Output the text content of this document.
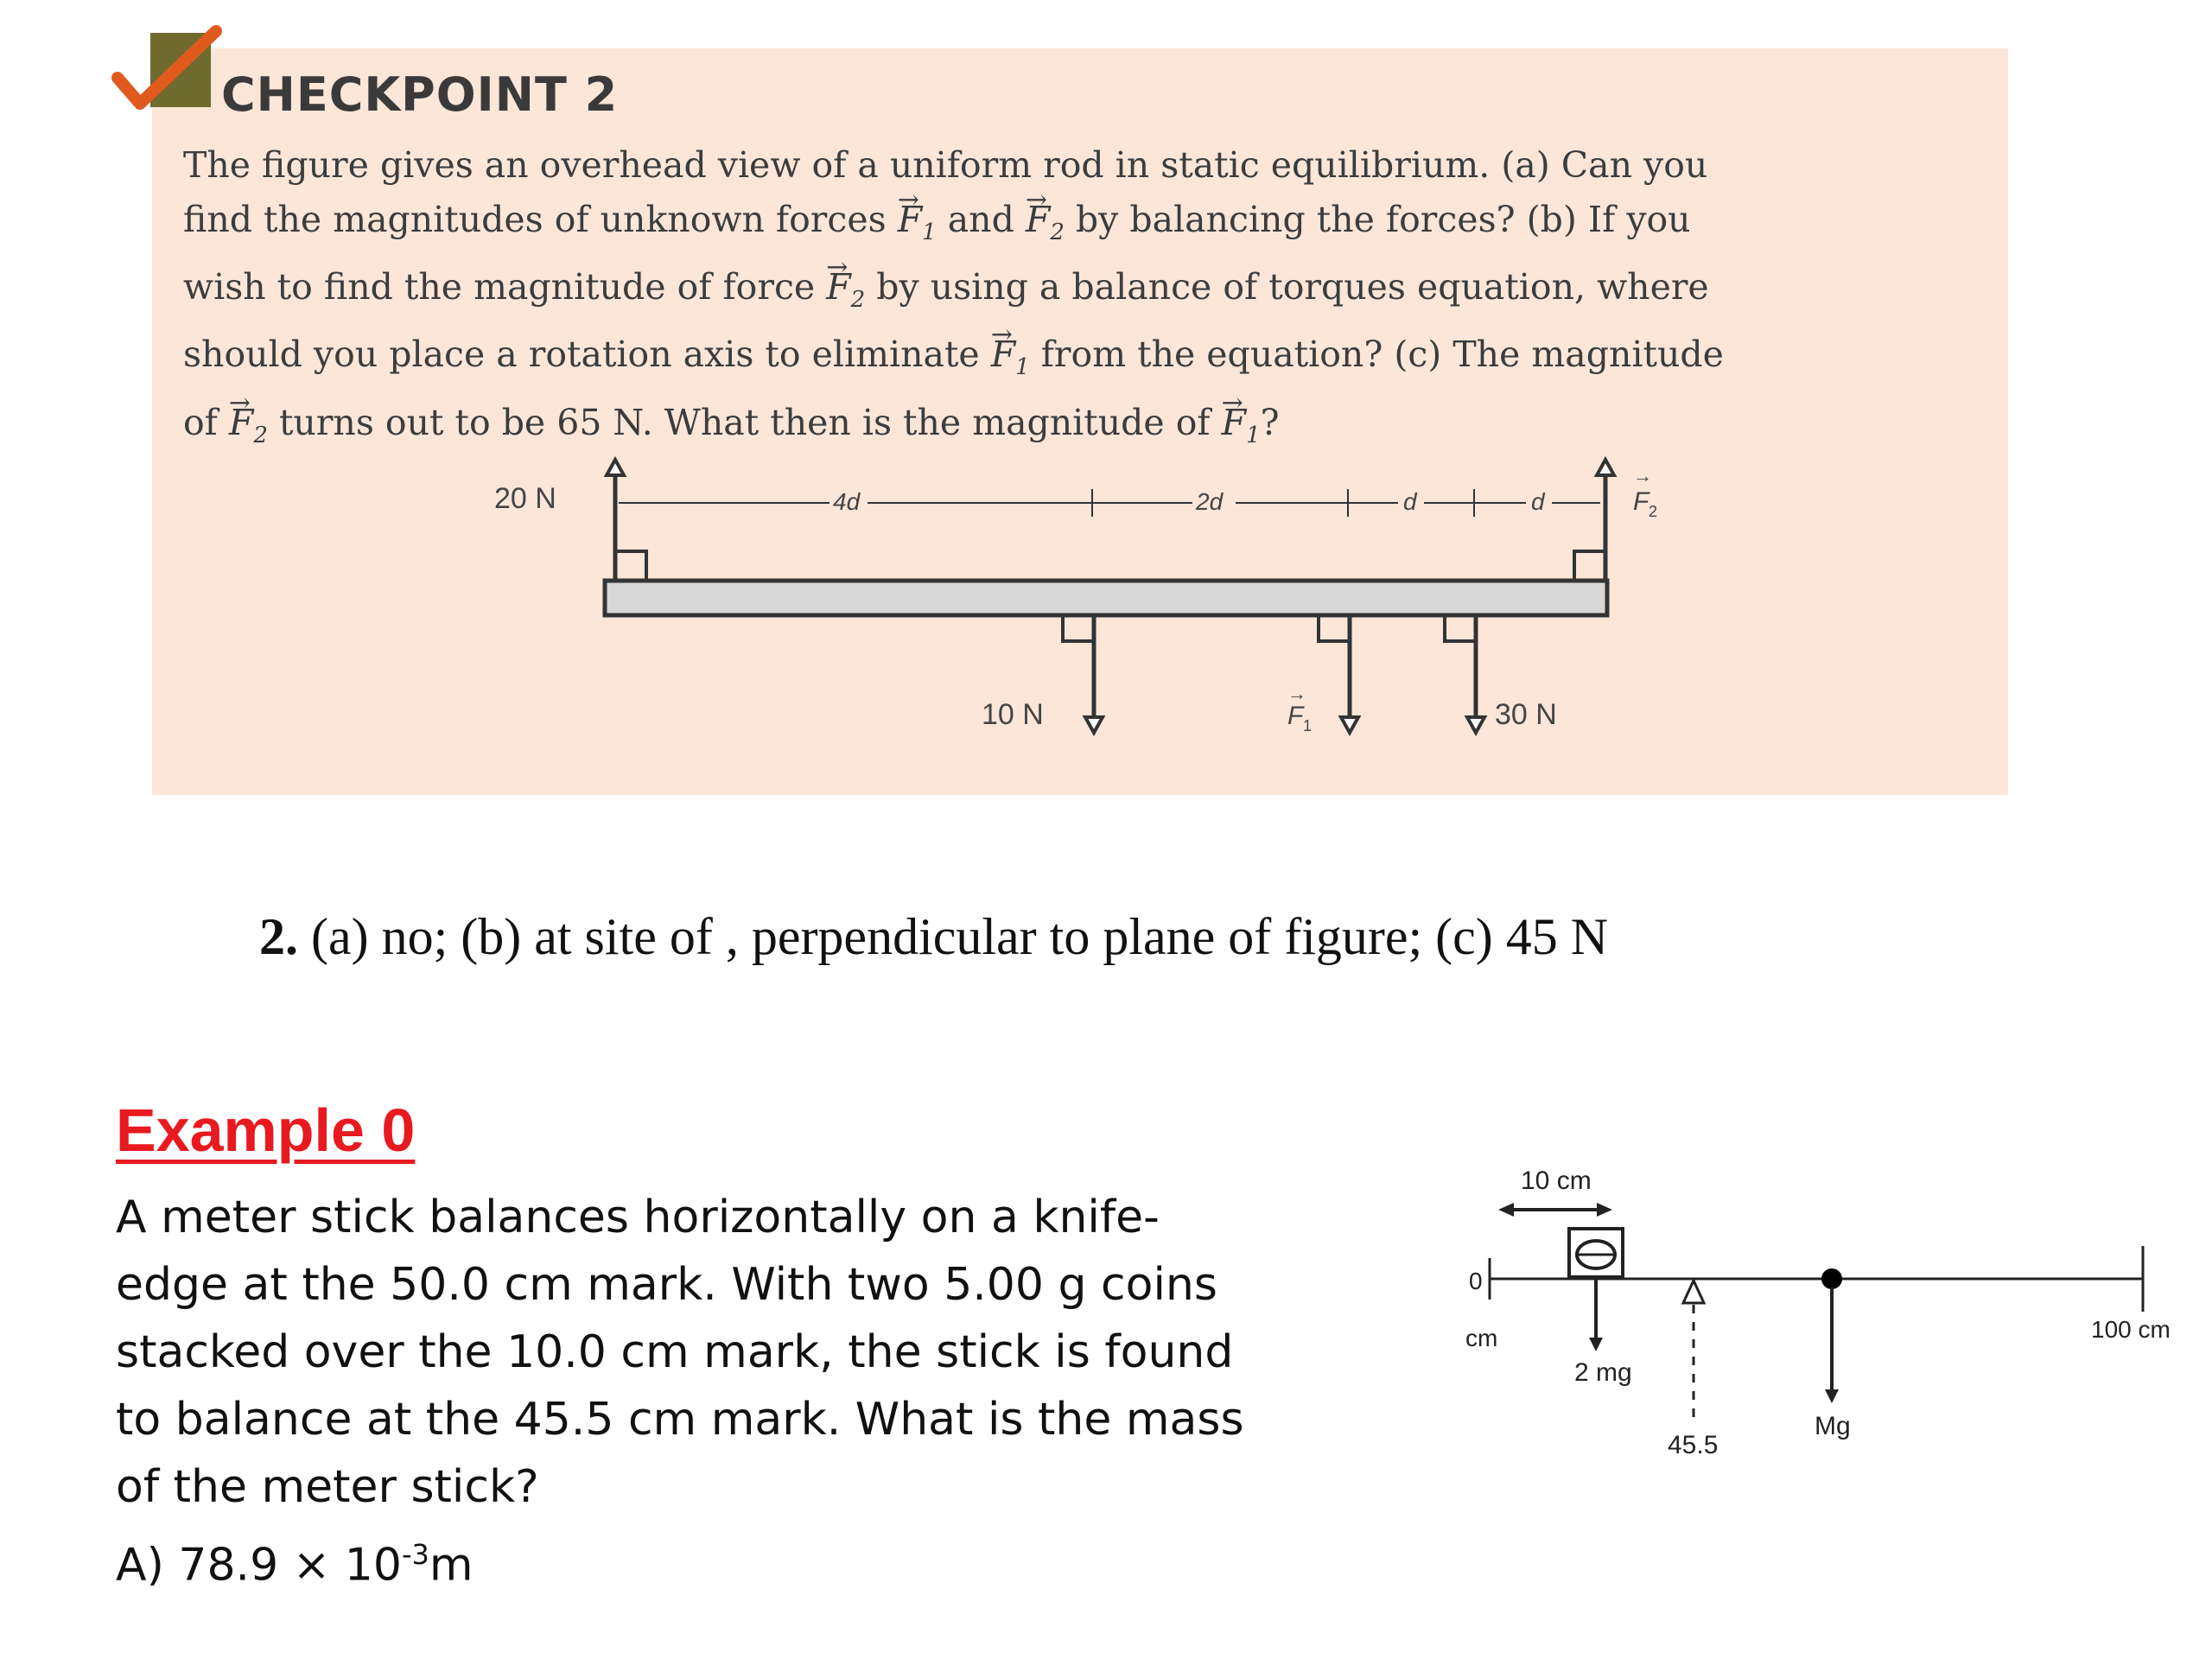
CHECKPOINT 2

The figure gives an overhead view of a uniform rod in static equilibrium. (a) Can you

find the magnitudes of unknown forces → $F_1$ and → $F_2$ by balancing the forces? (b) If you

wish to find the magnitude of force → $F_2$ by using a balance of torques equation, where

should you place a rotation axis to eliminate → $F_1$ from the equation? (c) The magnitude

of → $F_2$ turns out to be 65 N. What then is the magnitude of → $F_1$?

20 N	F 2
→
4d	2d	d	d
10 N	F 1
→
30 N
2. (a) no; (b) at site of , perpendicular to plane of figure; (c) 45 N
Example 0

A meter stick balances horizontally on a knife-

edge at the 50.0 cm mark. With two 5.00 g coins

stacked over the 10.0 cm mark, the stick is found

to balance at the 45.5 cm mark. What is the mass

of the meter stick?

A) $78.9 \times 10^{-3}m$

10 cm
0
cm	100 cm
2 mg
45.5
Mg
